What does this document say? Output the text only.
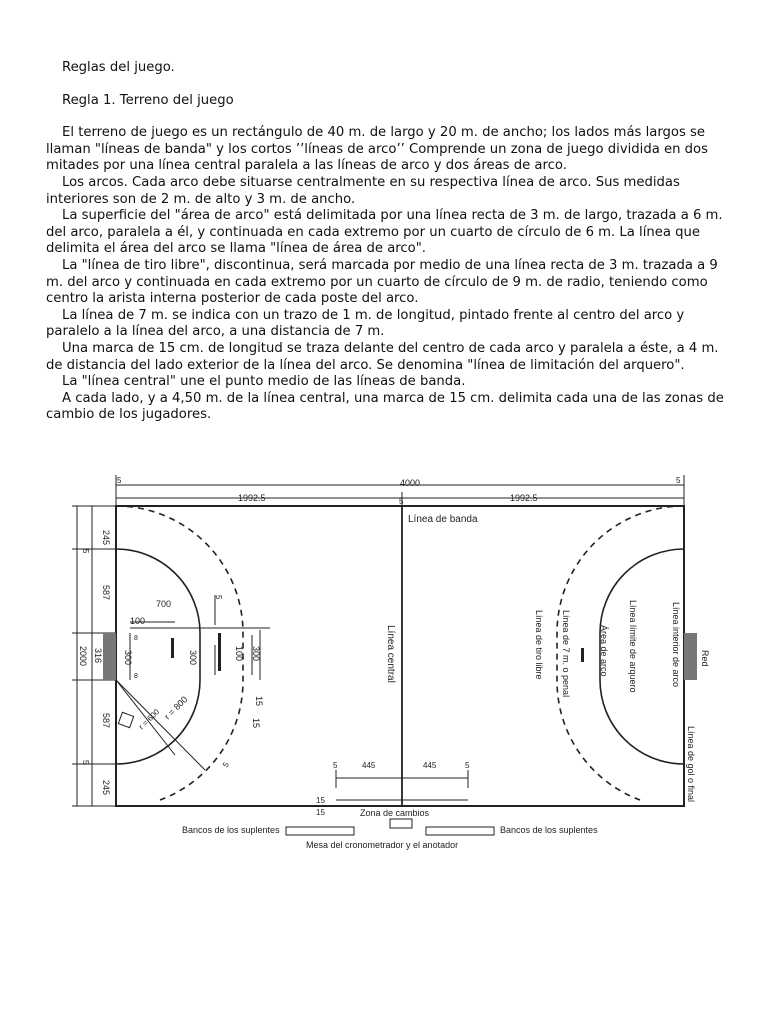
Reglas del juego.

Regla 1. Terreno del juego

El terreno de juego es un rectángulo de 40 m. de largo y 20 m. de ancho; los lados más largos se llaman "líneas de banda" y los cortos ’’líneas de arco’’ Comprende un zona de juego dividida en dos mitades por una línea central paralela a las líneas de arco y dos áreas de arco.

Los arcos. Cada arco debe situarse centralmente en su respectiva línea de arco. Sus medidas interiores son de 2 m. de alto y 3 m. de ancho.

La superficie del "área de arco" está delimitada por una línea recta de 3 m. de largo, trazada a 6 m. del arco, paralela a él, y continuada en cada extremo por un cuarto de círculo de 6 m. La línea que delimita el área del arco se llama "línea de área de arco".

La "línea de tiro libre", discontinua, será marcada por medio de una línea recta de 3 m. trazada a 9 m. del arco y continuada en cada extremo por un cuarto de círculo de 9 m. de radio, teniendo como centro la arista interna posterior de cada poste del arco.

La línea de 7 m. se indica con un trazo de 1 m. de longitud, pintado frente al centro del arco y paralelo a la línea del arco, a una distancia de 7 m.

Una marca de 15 cm. de longitud se traza delante del centro de cada arco y paralela a éste, a 4 m. de distancia del lado exterior de la línea del arco. Se denomina "línea de limitación del arquero".

La "línea central" une el punto medio de las líneas de banda.

A cada lado, y a 4,50 m. de la línea central, una marca de 15 cm. delimita cada una de las zonas de cambio de los jugadores.

4000
1992.5	1992.5
5	5
5
245
5
587
316
2000
587
5
245
300
8
8
700
100
300	100 300
15
15
5
5
r = 800
r = 600
Línea de banda
Línea central	Línea de 7 m. o penal
Línea de tiro libre	Línea límite de arquero
Área de arco	Línea interior de arco Red
Línea de gol o final
5	445	445	5
15
15	Zona de cambios
Bancos de los suplentes	Bancos de los suplentes
Mesa del cronometrador y el anotador
